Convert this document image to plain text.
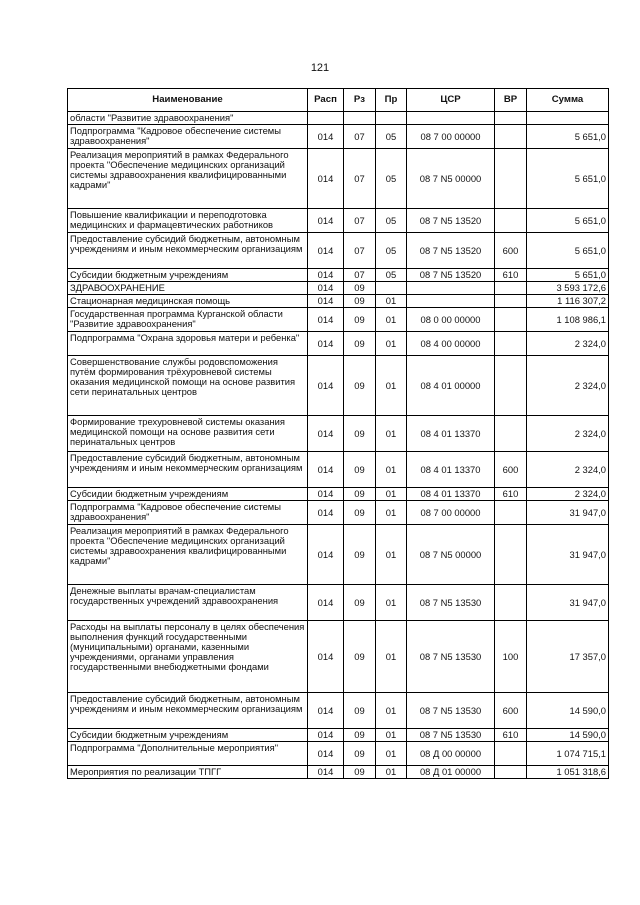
121
Наименование	Расп	Рз	Пр	ЦСР	ВР	Сумма
области "Развитие здравоохранения"						
Подпрограмма "Кадровое обеспечение системы здравоохранения"	014	07	05	08 7 00 00000		5 651,0
Реализация мероприятий в рамках Федерального проекта "Обеспечение медицинских организаций системы здравоохранения квалифицированными кадрами"	014	07	05	08 7 N5 00000		5 651,0
Повышение квалификации и переподготовка медицинских и фармацевтических работников	014	07	05	08 7 N5 13520		5 651,0
Предоставление субсидий бюджетным, автономным учреждениям и иным некоммерческим организациям	014	07	05	08 7 N5 13520	600	5 651,0
Субсидии бюджетным учреждениям	014	07	05	08 7 N5 13520	610	5 651,0
ЗДРАВООХРАНЕНИЕ	014	09				3 593 172,6
Стационарная медицинская помощь	014	09	01			1 116 307,2
Государственная программа Курганской области "Развитие здравоохранения"	014	09	01	08 0 00 00000		1 108 986,1
Подпрограмма "Охрана здоровья матери и ребенка"	014	09	01	08 4 00 00000		2 324,0
Совершенствование службы родовспоможения путём формирования трёхуровневой системы оказания медицинской помощи на основе развития сети перинатальных центров	014	09	01	08 4 01 00000		2 324,0
Формирование трехуровневой системы оказания медицинской помощи на основе развития сети перинатальных центров	014	09	01	08 4 01 13370		2 324,0
Предоставление субсидий бюджетным, автономным учреждениям и иным некоммерческим организациям	014	09	01	08 4 01 13370	600	2 324,0
Субсидии бюджетным учреждениям	014	09	01	08 4 01 13370	610	2 324,0
Подпрограмма "Кадровое обеспечение системы здравоохранения"	014	09	01	08 7 00 00000		31 947,0
Реализация мероприятий в рамках Федерального проекта "Обеспечение медицинских организаций системы здравоохранения квалифицированными кадрами"	014	09	01	08 7 N5 00000		31 947,0
Денежные выплаты врачам-специалистам государственных учреждений здравоохранения	014	09	01	08 7 N5 13530		31 947,0
Расходы на выплаты персоналу в целях обеспечения выполнения функций государственными (муниципальными) органами, казенными учреждениями, органами управления государственными внебюджетными фондами	014	09	01	08 7 N5 13530	100	17 357,0
Предоставление субсидий бюджетным, автономным учреждениям и иным некоммерческим организациям	014	09	01	08 7 N5 13530	600	14 590,0
Субсидии бюджетным учреждениям	014	09	01	08 7 N5 13530	610	14 590,0
Подпрограмма "Дополнительные мероприятия"	014	09	01	08 Д 00 00000		1 074 715,1
Мероприятия по реализации ТПГГ	014	09	01	08 Д 01 00000		1 051 318,6
